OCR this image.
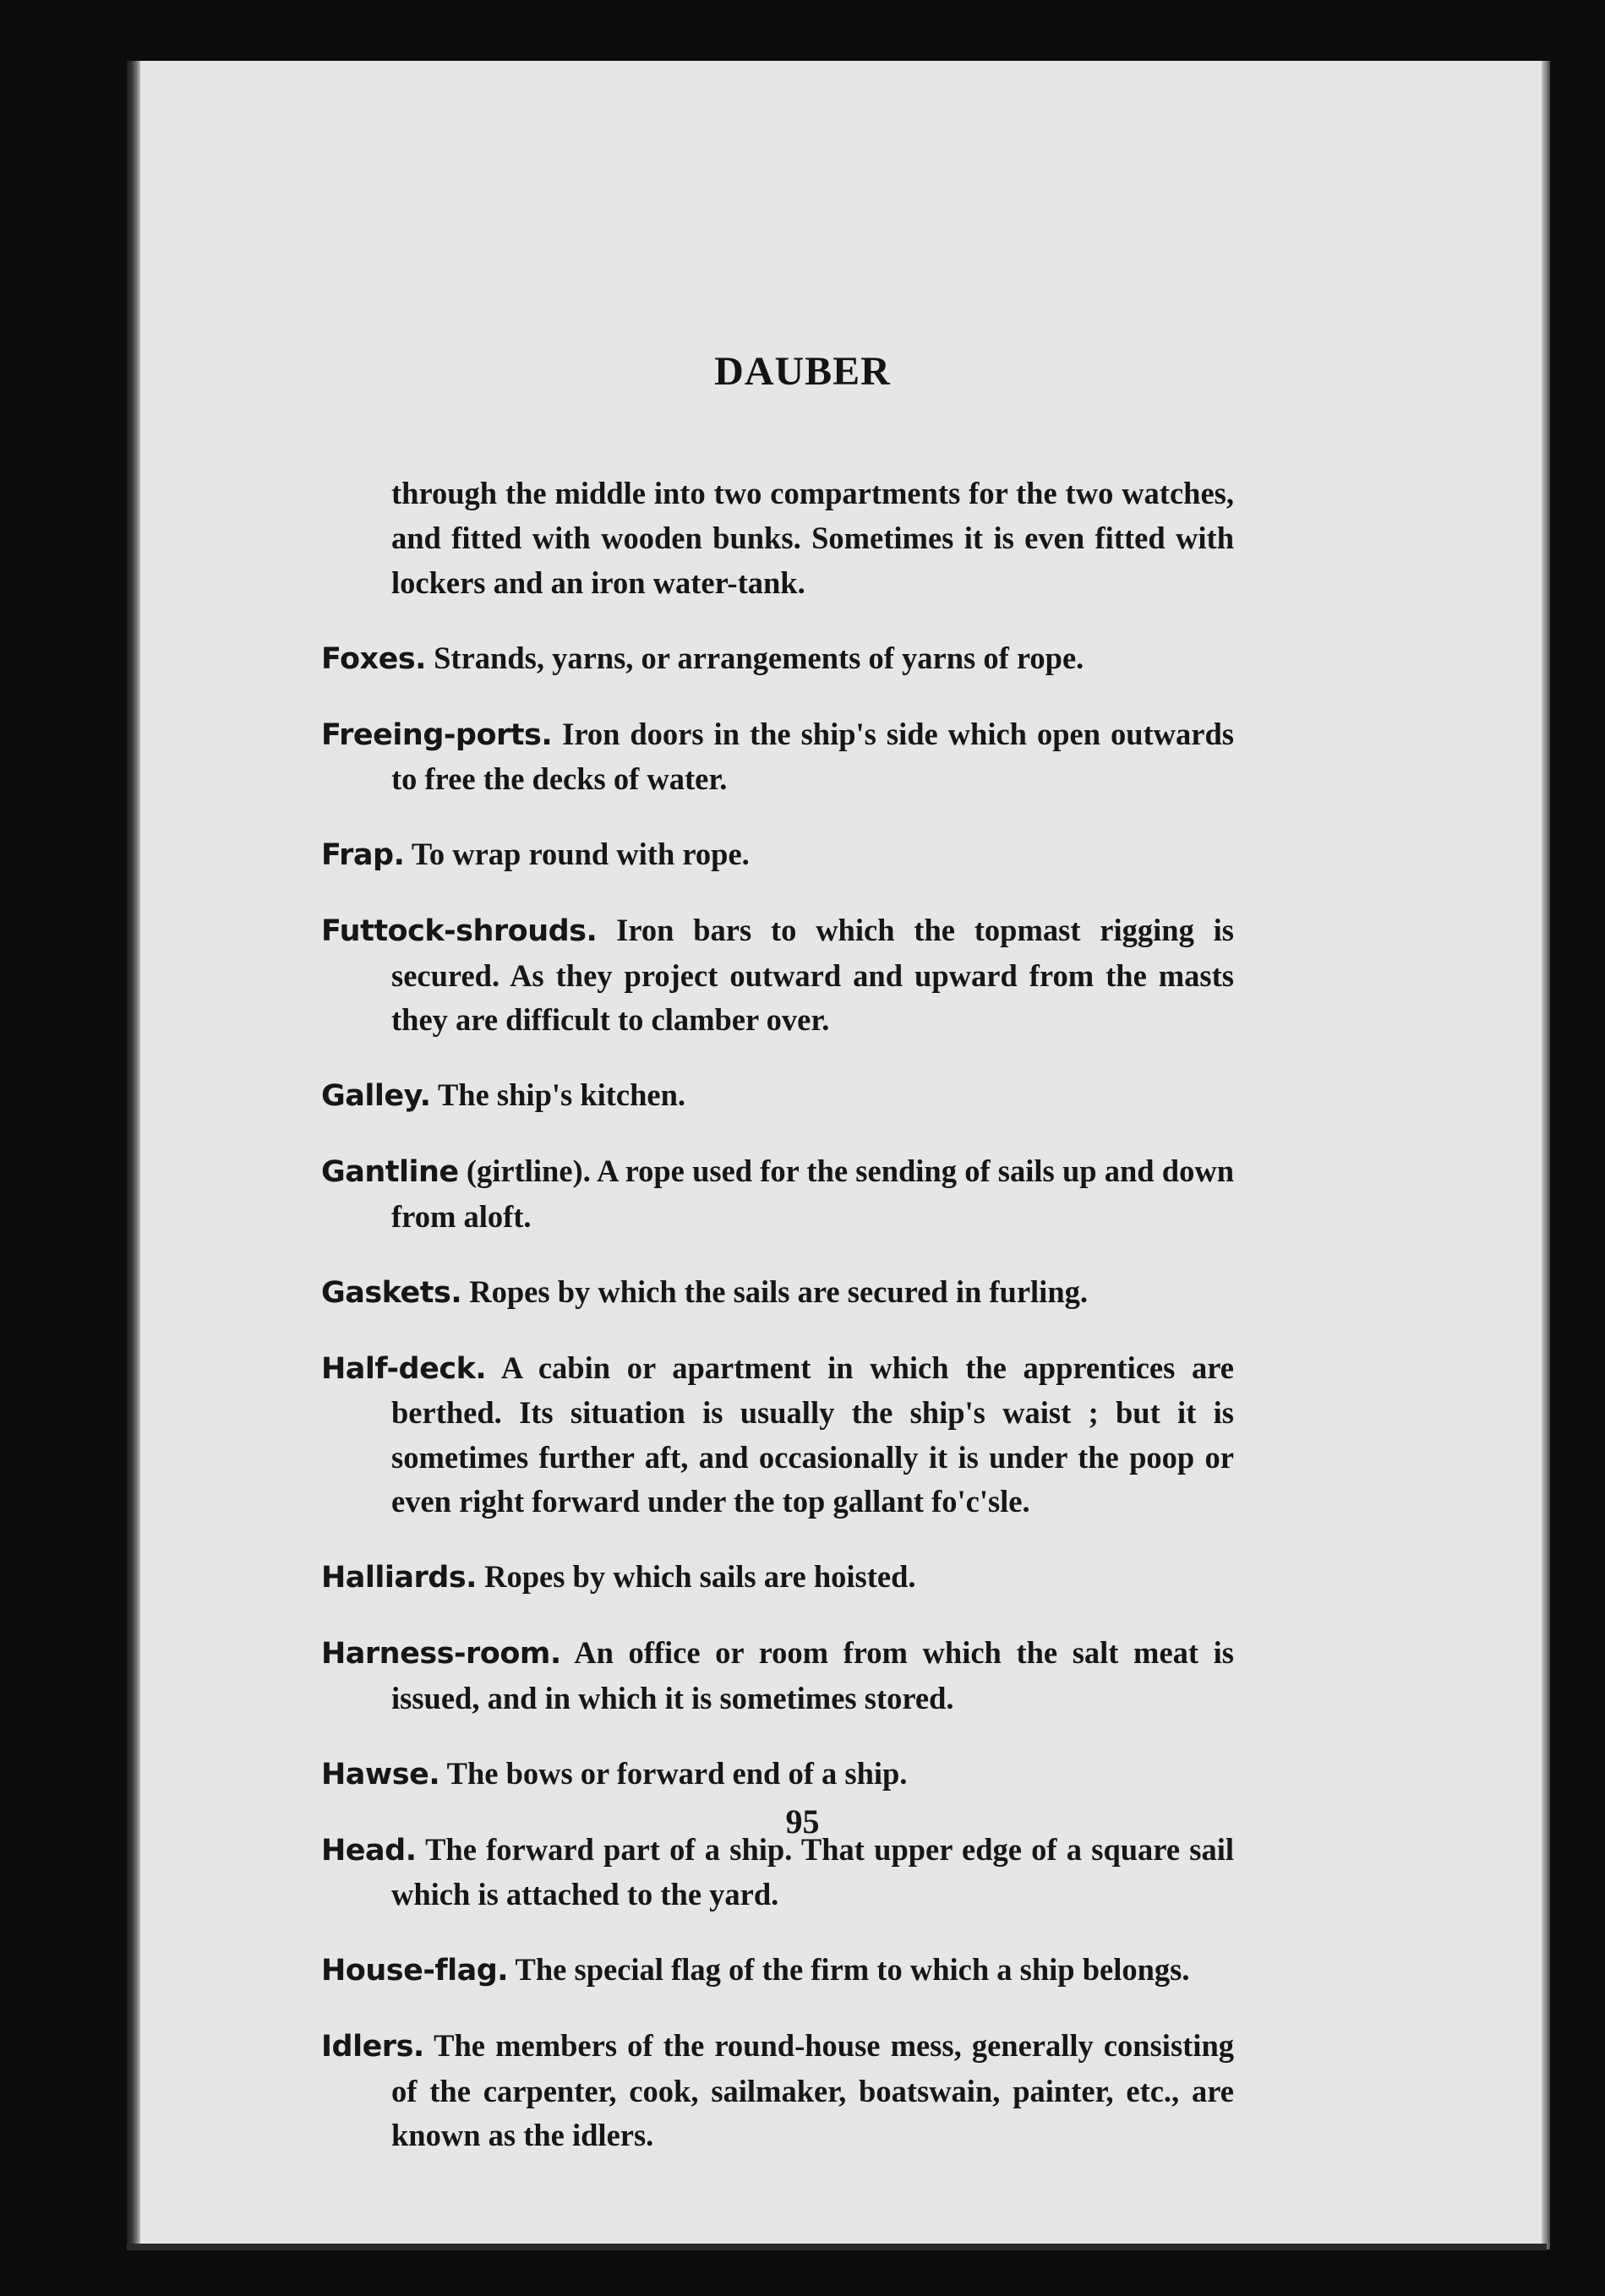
DAUBER

through the middle into two compartments for the two watches, and fitted with wooden bunks. Sometimes it is even fitted with lockers and an iron water-tank.

Foxes. Strands, yarns, or arrangements of yarns of rope.

Freeing-ports. Iron doors in the ship's side which open outwards to free the decks of water.

Frap. To wrap round with rope.

Futtock-shrouds. Iron bars to which the topmast rigging is secured. As they project outward and upward from the masts they are difficult to clamber over.

Galley. The ship's kitchen.

Gantline (girtline). A rope used for the sending of sails up and down from aloft.

Gaskets. Ropes by which the sails are secured in furling.

Half-deck. A cabin or apartment in which the apprentices are berthed. Its situation is usually the ship's waist ; but it is sometimes further aft, and occasionally it is under the poop or even right forward under the top gallant fo'c'sle.

Halliards. Ropes by which sails are hoisted.

Harness-room. An office or room from which the salt meat is issued, and in which it is sometimes stored.

Hawse. The bows or forward end of a ship.

Head. The forward part of a ship. That upper edge of a square sail which is attached to the yard.

House-flag. The special flag of the firm to which a ship belongs.

Idlers. The members of the round-house mess, generally consisting of the carpenter, cook, sailmaker, boatswain, painter, etc., are known as the idlers.

95
